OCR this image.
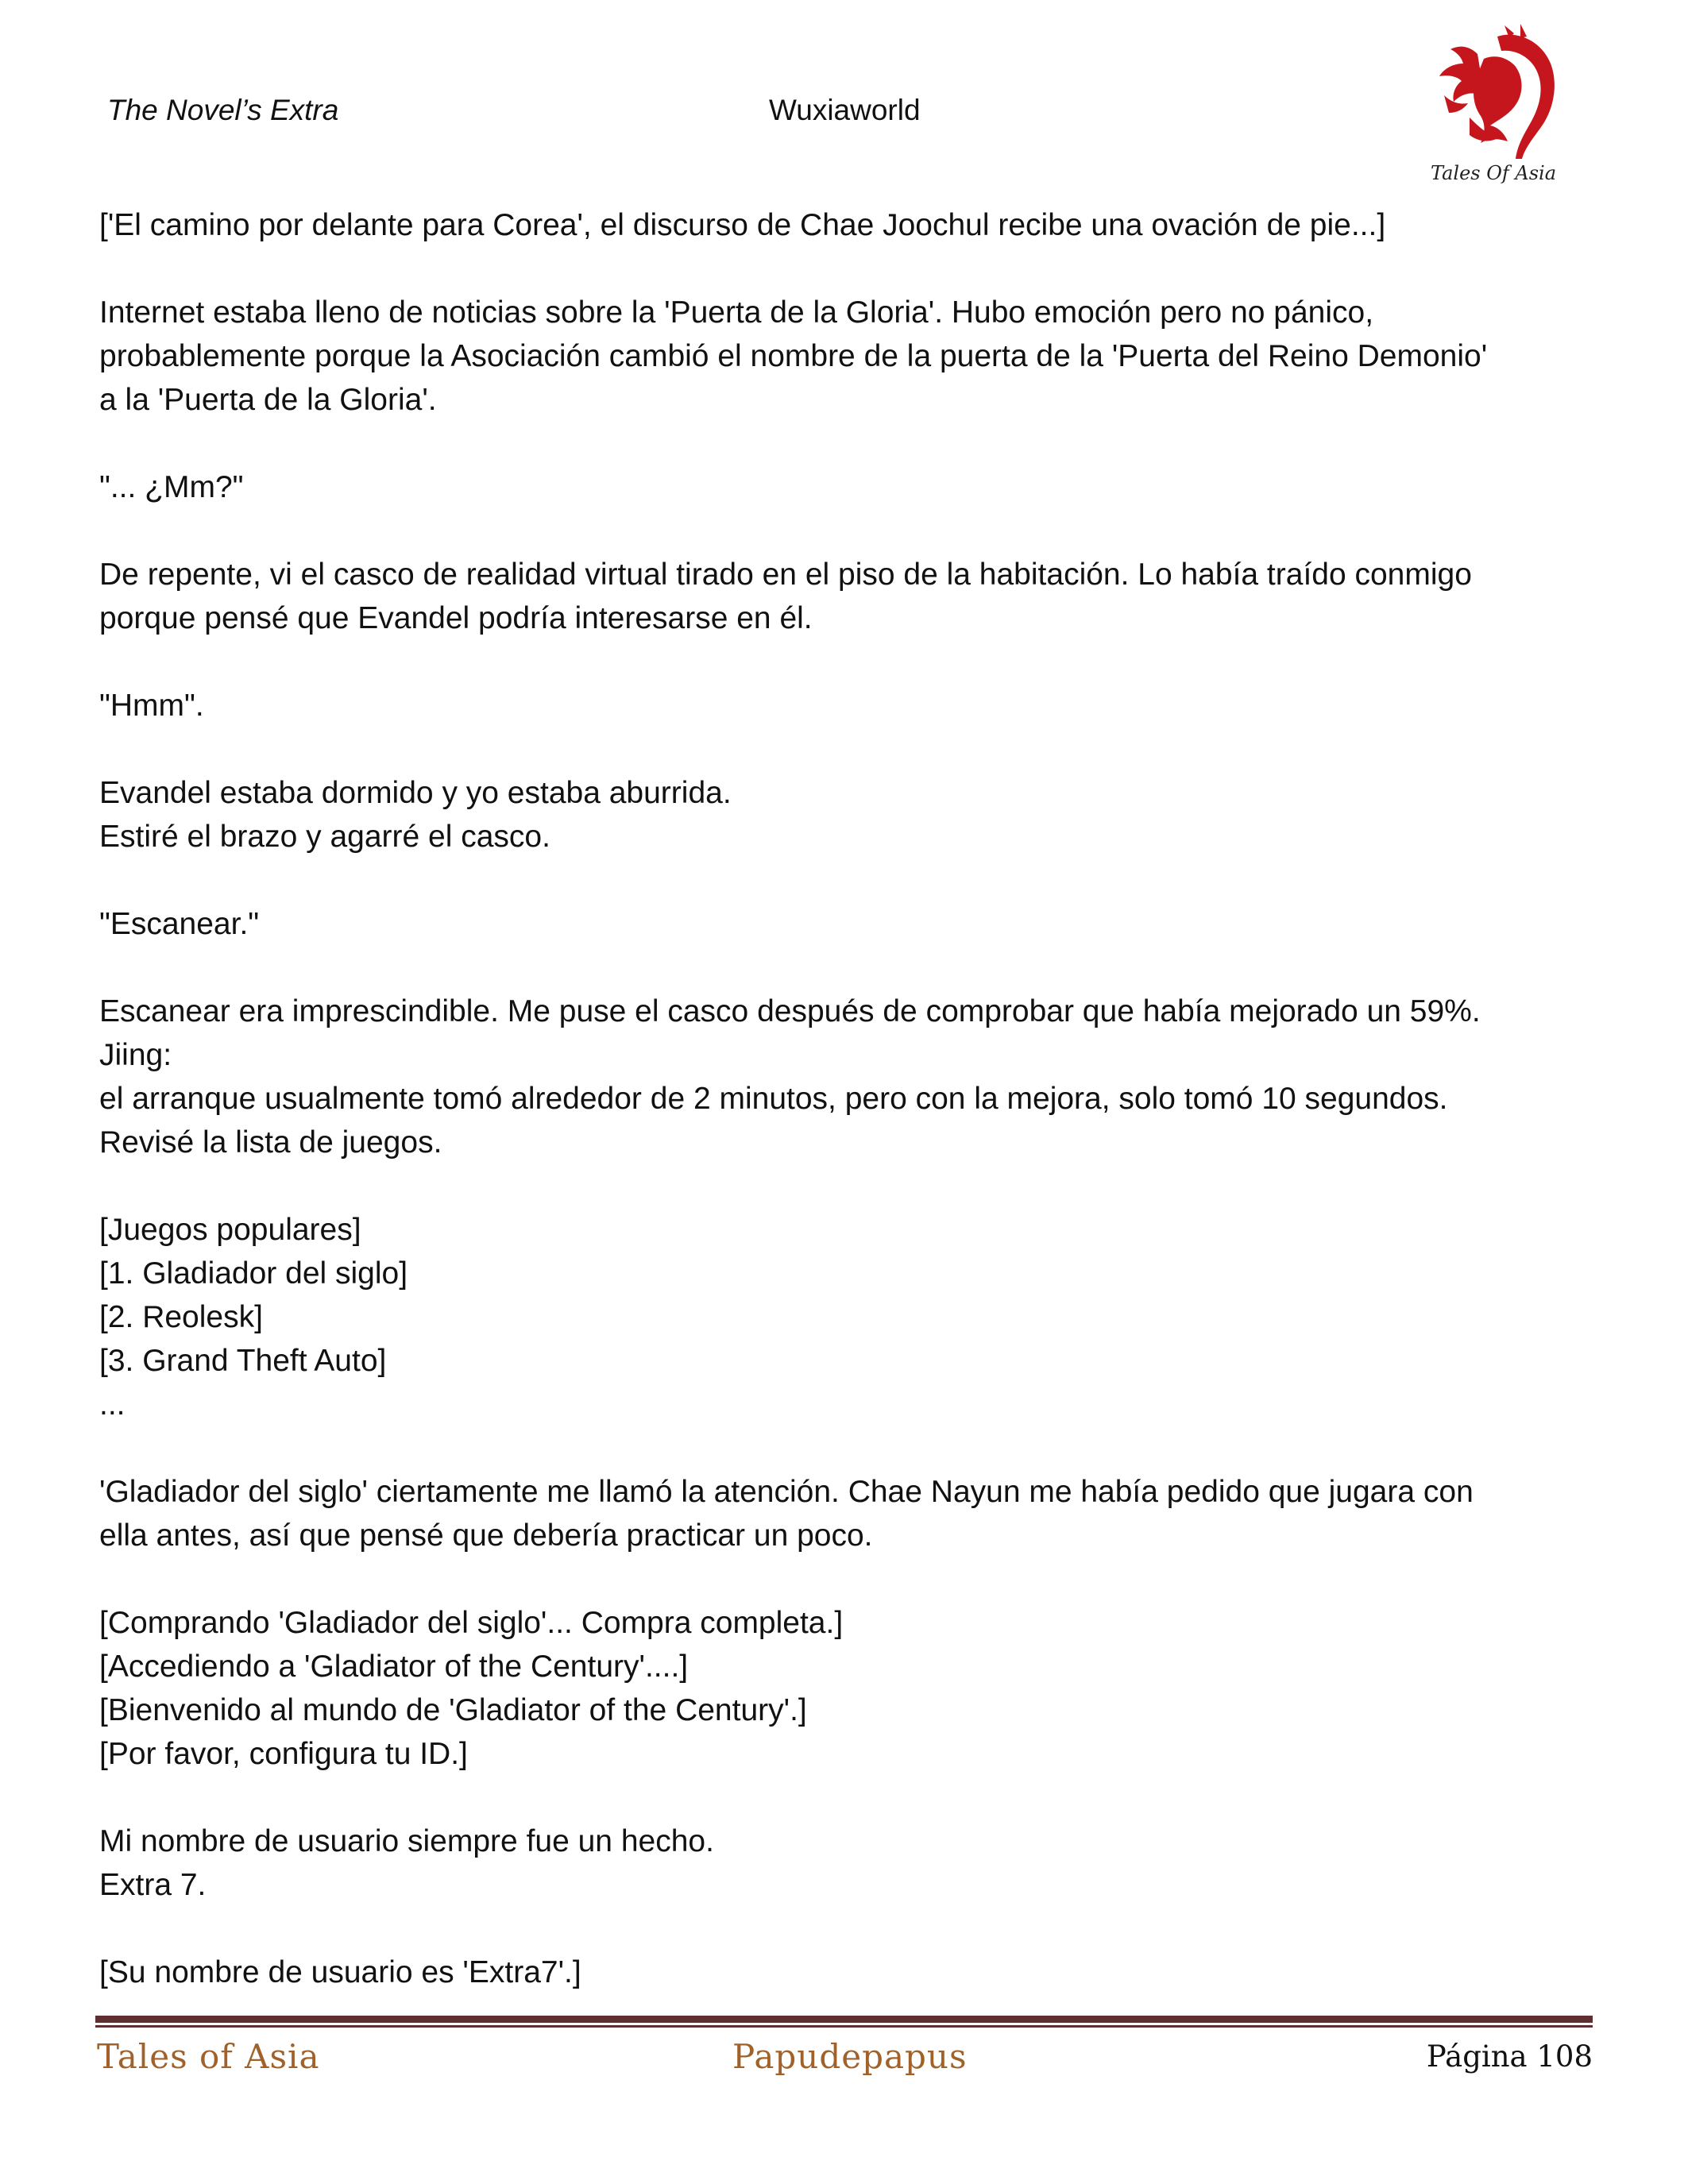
The Novel’s Extra	Wuxiaworld
Tales Of Asia

['El camino por delante para Corea', el discurso de Chae Joochul recibe una ovación de pie...]

Internet estaba lleno de noticias sobre la 'Puerta de la Gloria'. Hubo emoción pero no pánico,

probablemente porque la Asociación cambió el nombre de la puerta de la 'Puerta del Reino Demonio'

a la 'Puerta de la Gloria'.

"... ¿Mm?"

De repente, vi el casco de realidad virtual tirado en el piso de la habitación. Lo había traído conmigo

porque pensé que Evandel podría interesarse en él.

"Hmm".

Evandel estaba dormido y yo estaba aburrida.

Estiré el brazo y agarré el casco.

"Escanear."

Escanear era imprescindible. Me puse el casco después de comprobar que había mejorado un 59%.

Jiing:

el arranque usualmente tomó alrededor de 2 minutos, pero con la mejora, solo tomó 10 segundos.

Revisé la lista de juegos.

[Juegos populares]

[1. Gladiador del siglo]

[2. Reolesk]

[3. Grand Theft Auto]

...

'Gladiador del siglo' ciertamente me llamó la atención. Chae Nayun me había pedido que jugara con

ella antes, así que pensé que debería practicar un poco.

[Comprando 'Gladiador del siglo'... Compra completa.]

[Accediendo a 'Gladiator of the Century'....]

[Bienvenido al mundo de 'Gladiator of the Century'.]

[Por favor, configura tu ID.]

Mi nombre de usuario siempre fue un hecho.

Extra 7.

[Su nombre de usuario es 'Extra7'.]

Tales of Asia	Papudepapus	Página 108
